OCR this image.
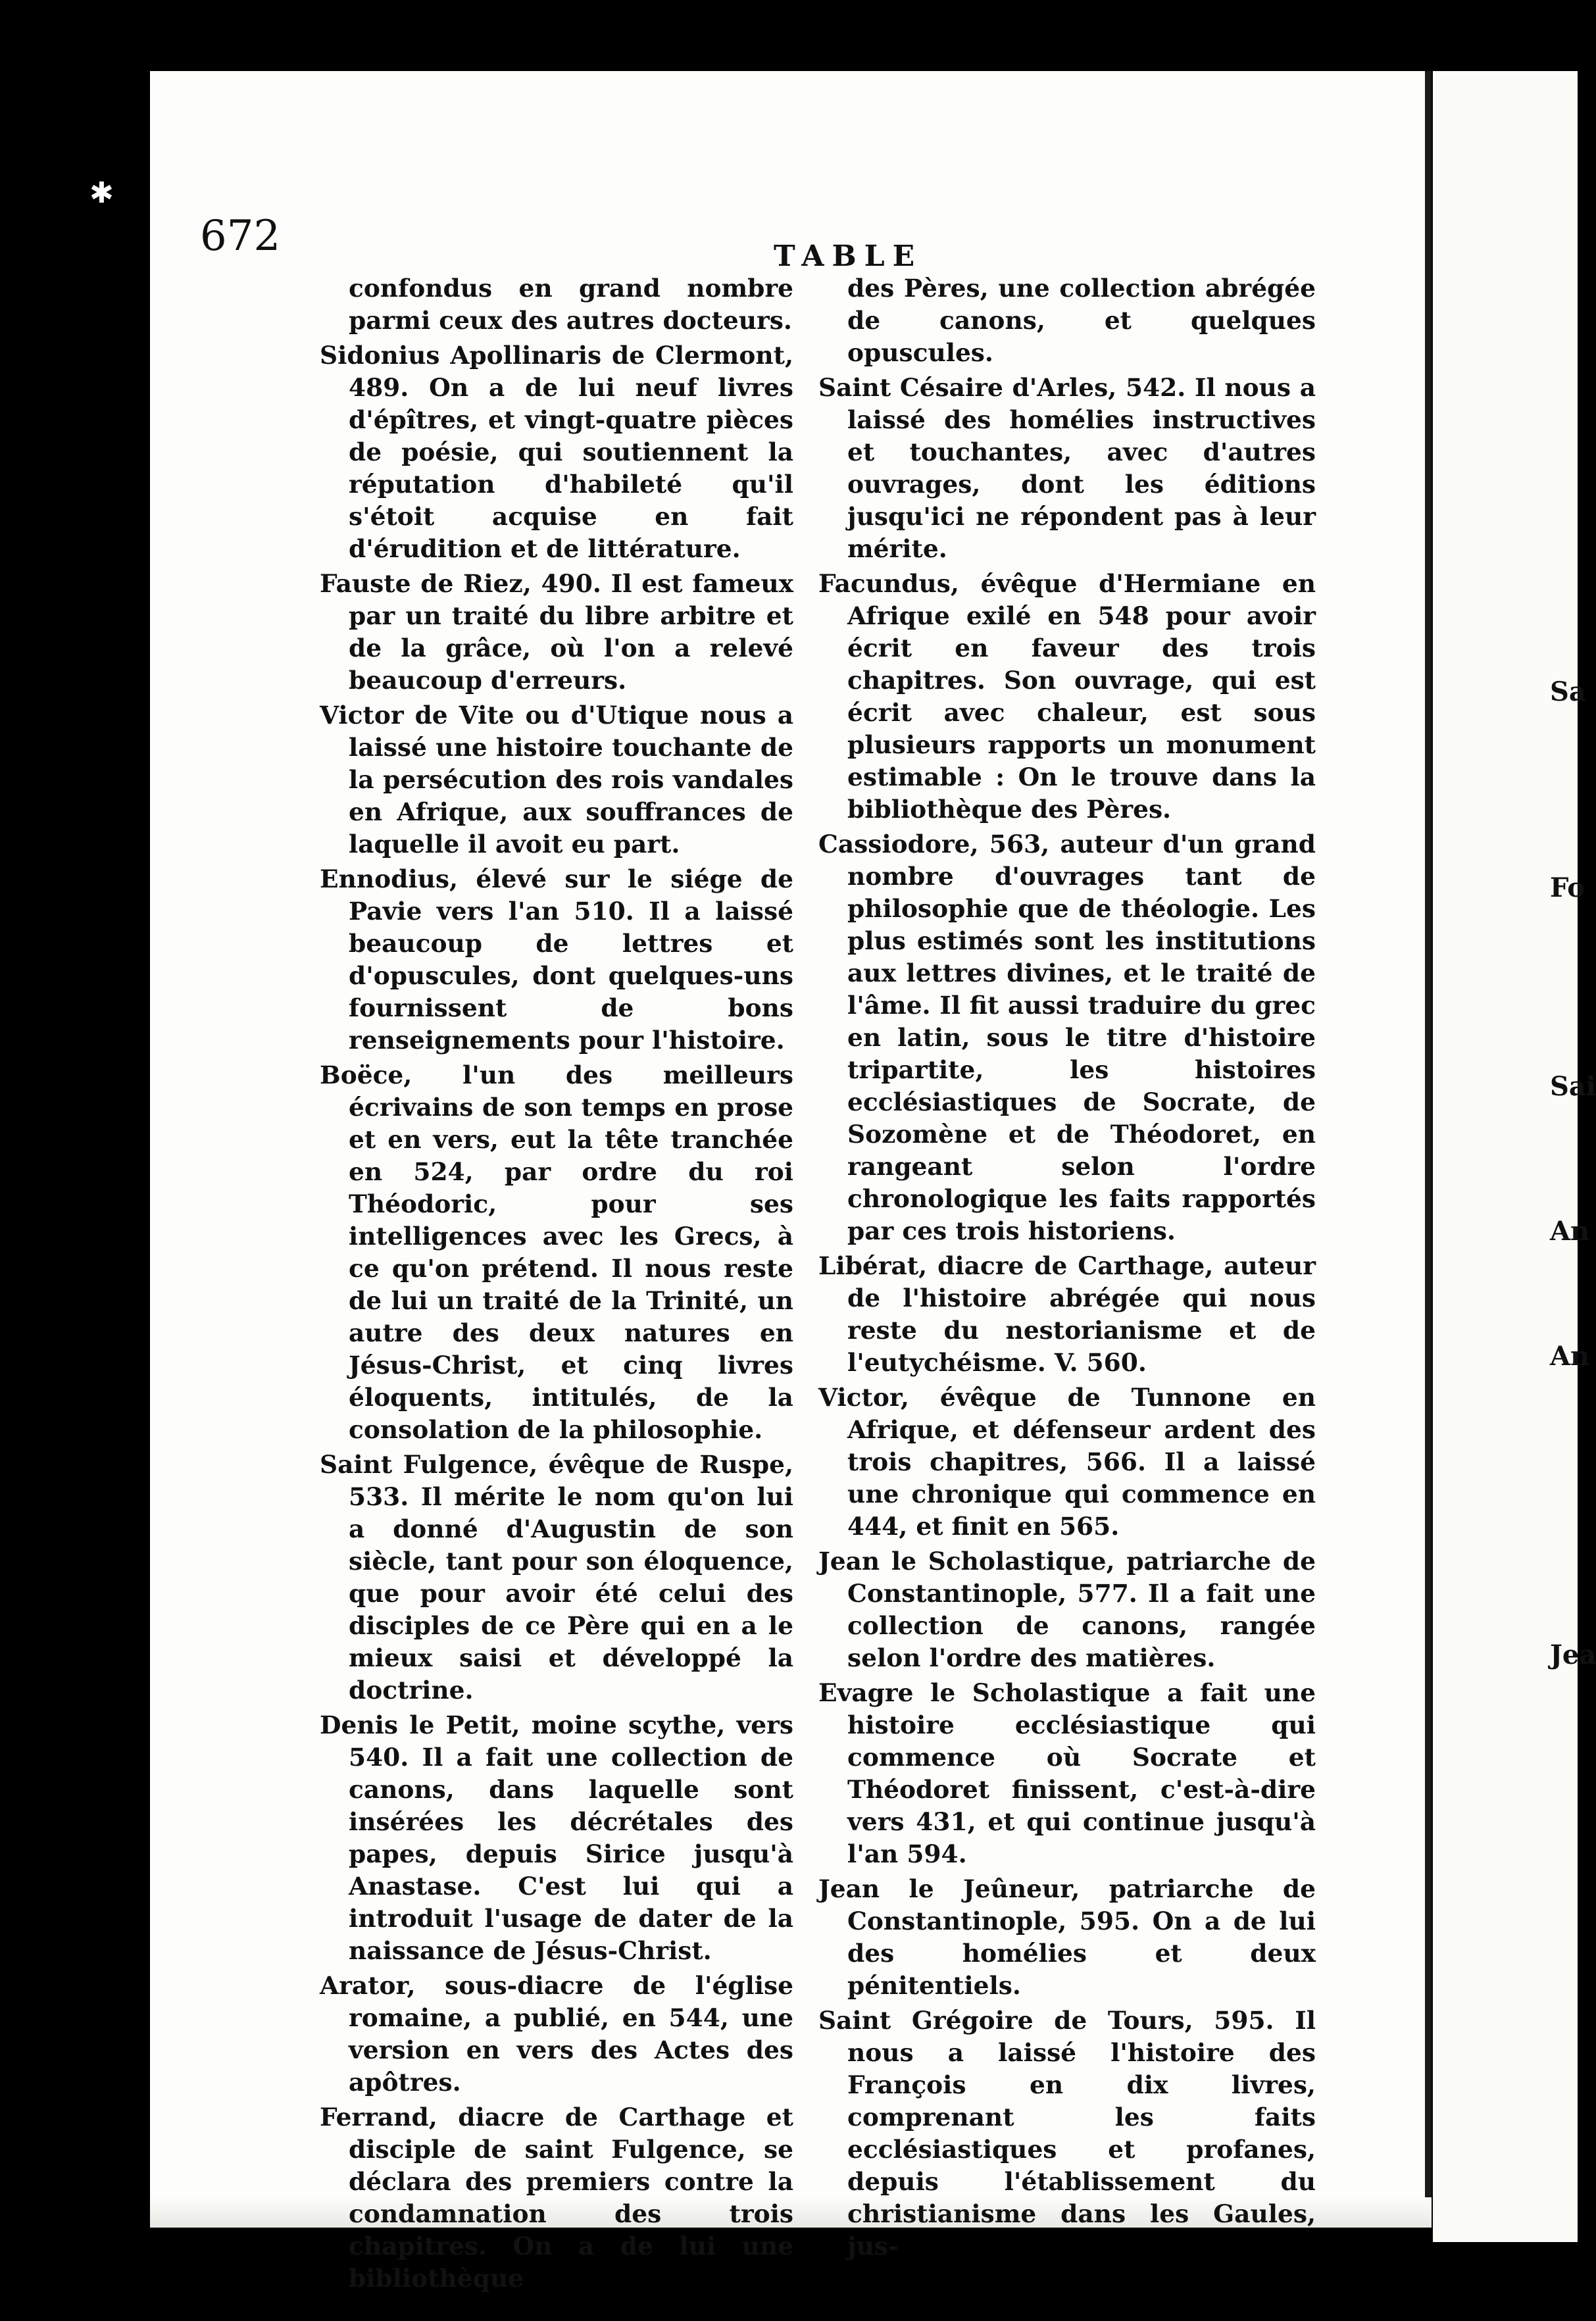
Sa
Fo
Sai
An
An
Jea
✱
672	TABLE

confondus en grand nombre parmi ceux des autres docteurs.

Sidonius Apollinaris de Clermont, 489. On a de lui neuf livres d'épîtres, et vingt-quatre pièces de poésie, qui soutiennent la réputation d'habileté qu'il s'étoit acquise en fait d'érudition et de littérature.

Fauste de Riez, 490. Il est fameux par un traité du libre arbitre et de la grâce, où l'on a relevé beaucoup d'erreurs.

Victor de Vite ou d'Utique nous a laissé une histoire touchante de la persécution des rois vandales en Afrique, aux souffrances de laquelle il avoit eu part.

Ennodius, élevé sur le siége de Pavie vers l'an 510. Il a laissé beaucoup de lettres et d'opuscules, dont quelques-uns fournissent de bons renseignements pour l'histoire.

Boëce, l'un des meilleurs écrivains de son temps en prose et en vers, eut la tête tranchée en 524, par ordre du roi Théodoric, pour ses intelligences avec les Grecs, à ce qu'on prétend. Il nous reste de lui un traité de la Trinité, un autre des deux natures en Jésus-Christ, et cinq livres éloquents, intitulés, de la consolation de la philosophie.

Saint Fulgence, évêque de Ruspe, 533. Il mérite le nom qu'on lui a donné d'Augustin de son siècle, tant pour son éloquence, que pour avoir été celui des disciples de ce Père qui en a le mieux saisi et développé la doctrine.

Denis le Petit, moine scythe, vers 540. Il a fait une collection de canons, dans laquelle sont insérées les décrétales des papes, depuis Sirice jusqu'à Anastase. C'est lui qui a introduit l'usage de dater de la naissance de Jésus-Christ.

Arator, sous-diacre de l'église romaine, a publié, en 544, une version en vers des Actes des apôtres.

Ferrand, diacre de Carthage et disciple de saint Fulgence, se déclara des premiers contre la condamnation des trois chapitres. On a de lui une bibliothèque

des Pères, une collection abrégée de canons, et quelques opuscules.

Saint Césaire d'Arles, 542. Il nous a laissé des homélies instructives et touchantes, avec d'autres ouvrages, dont les éditions jusqu'ici ne répondent pas à leur mérite.

Facundus, évêque d'Hermiane en Afrique exilé en 548 pour avoir écrit en faveur des trois chapitres. Son ouvrage, qui est écrit avec chaleur, est sous plusieurs rapports un monument estimable : On le trouve dans la bibliothèque des Pères.

Cassiodore, 563, auteur d'un grand nombre d'ouvrages tant de philosophie que de théologie. Les plus estimés sont les institutions aux lettres divines, et le traité de l'âme. Il fit aussi traduire du grec en latin, sous le titre d'histoire tripartite, les histoires ecclésiastiques de Socrate, de Sozomène et de Théodoret, en rangeant selon l'ordre chronologique les faits rapportés par ces trois historiens.

Libérat, diacre de Carthage, auteur de l'histoire abrégée qui nous reste du nestorianisme et de l'eutychéisme. V. 560.

Victor, évêque de Tunnone en Afrique, et défenseur ardent des trois chapitres, 566. Il a laissé une chronique qui commence en 444, et finit en 565.

Jean le Scholastique, patriarche de Constantinople, 577. Il a fait une collection de canons, rangée selon l'ordre des matières.

Evagre le Scholastique a fait une histoire ecclésiastique qui commence où Socrate et Théodoret finissent, c'est-à-dire vers 431, et qui continue jusqu'à l'an 594.

Jean le Jeûneur, patriarche de Constantinople, 595. On a de lui des homélies et deux pénitentiels.

Saint Grégoire de Tours, 595. Il nous a laissé l'histoire des François en dix livres, comprenant les faits ecclésiastiques et profanes, depuis l'établissement du christianisme dans les Gaules, jus-
